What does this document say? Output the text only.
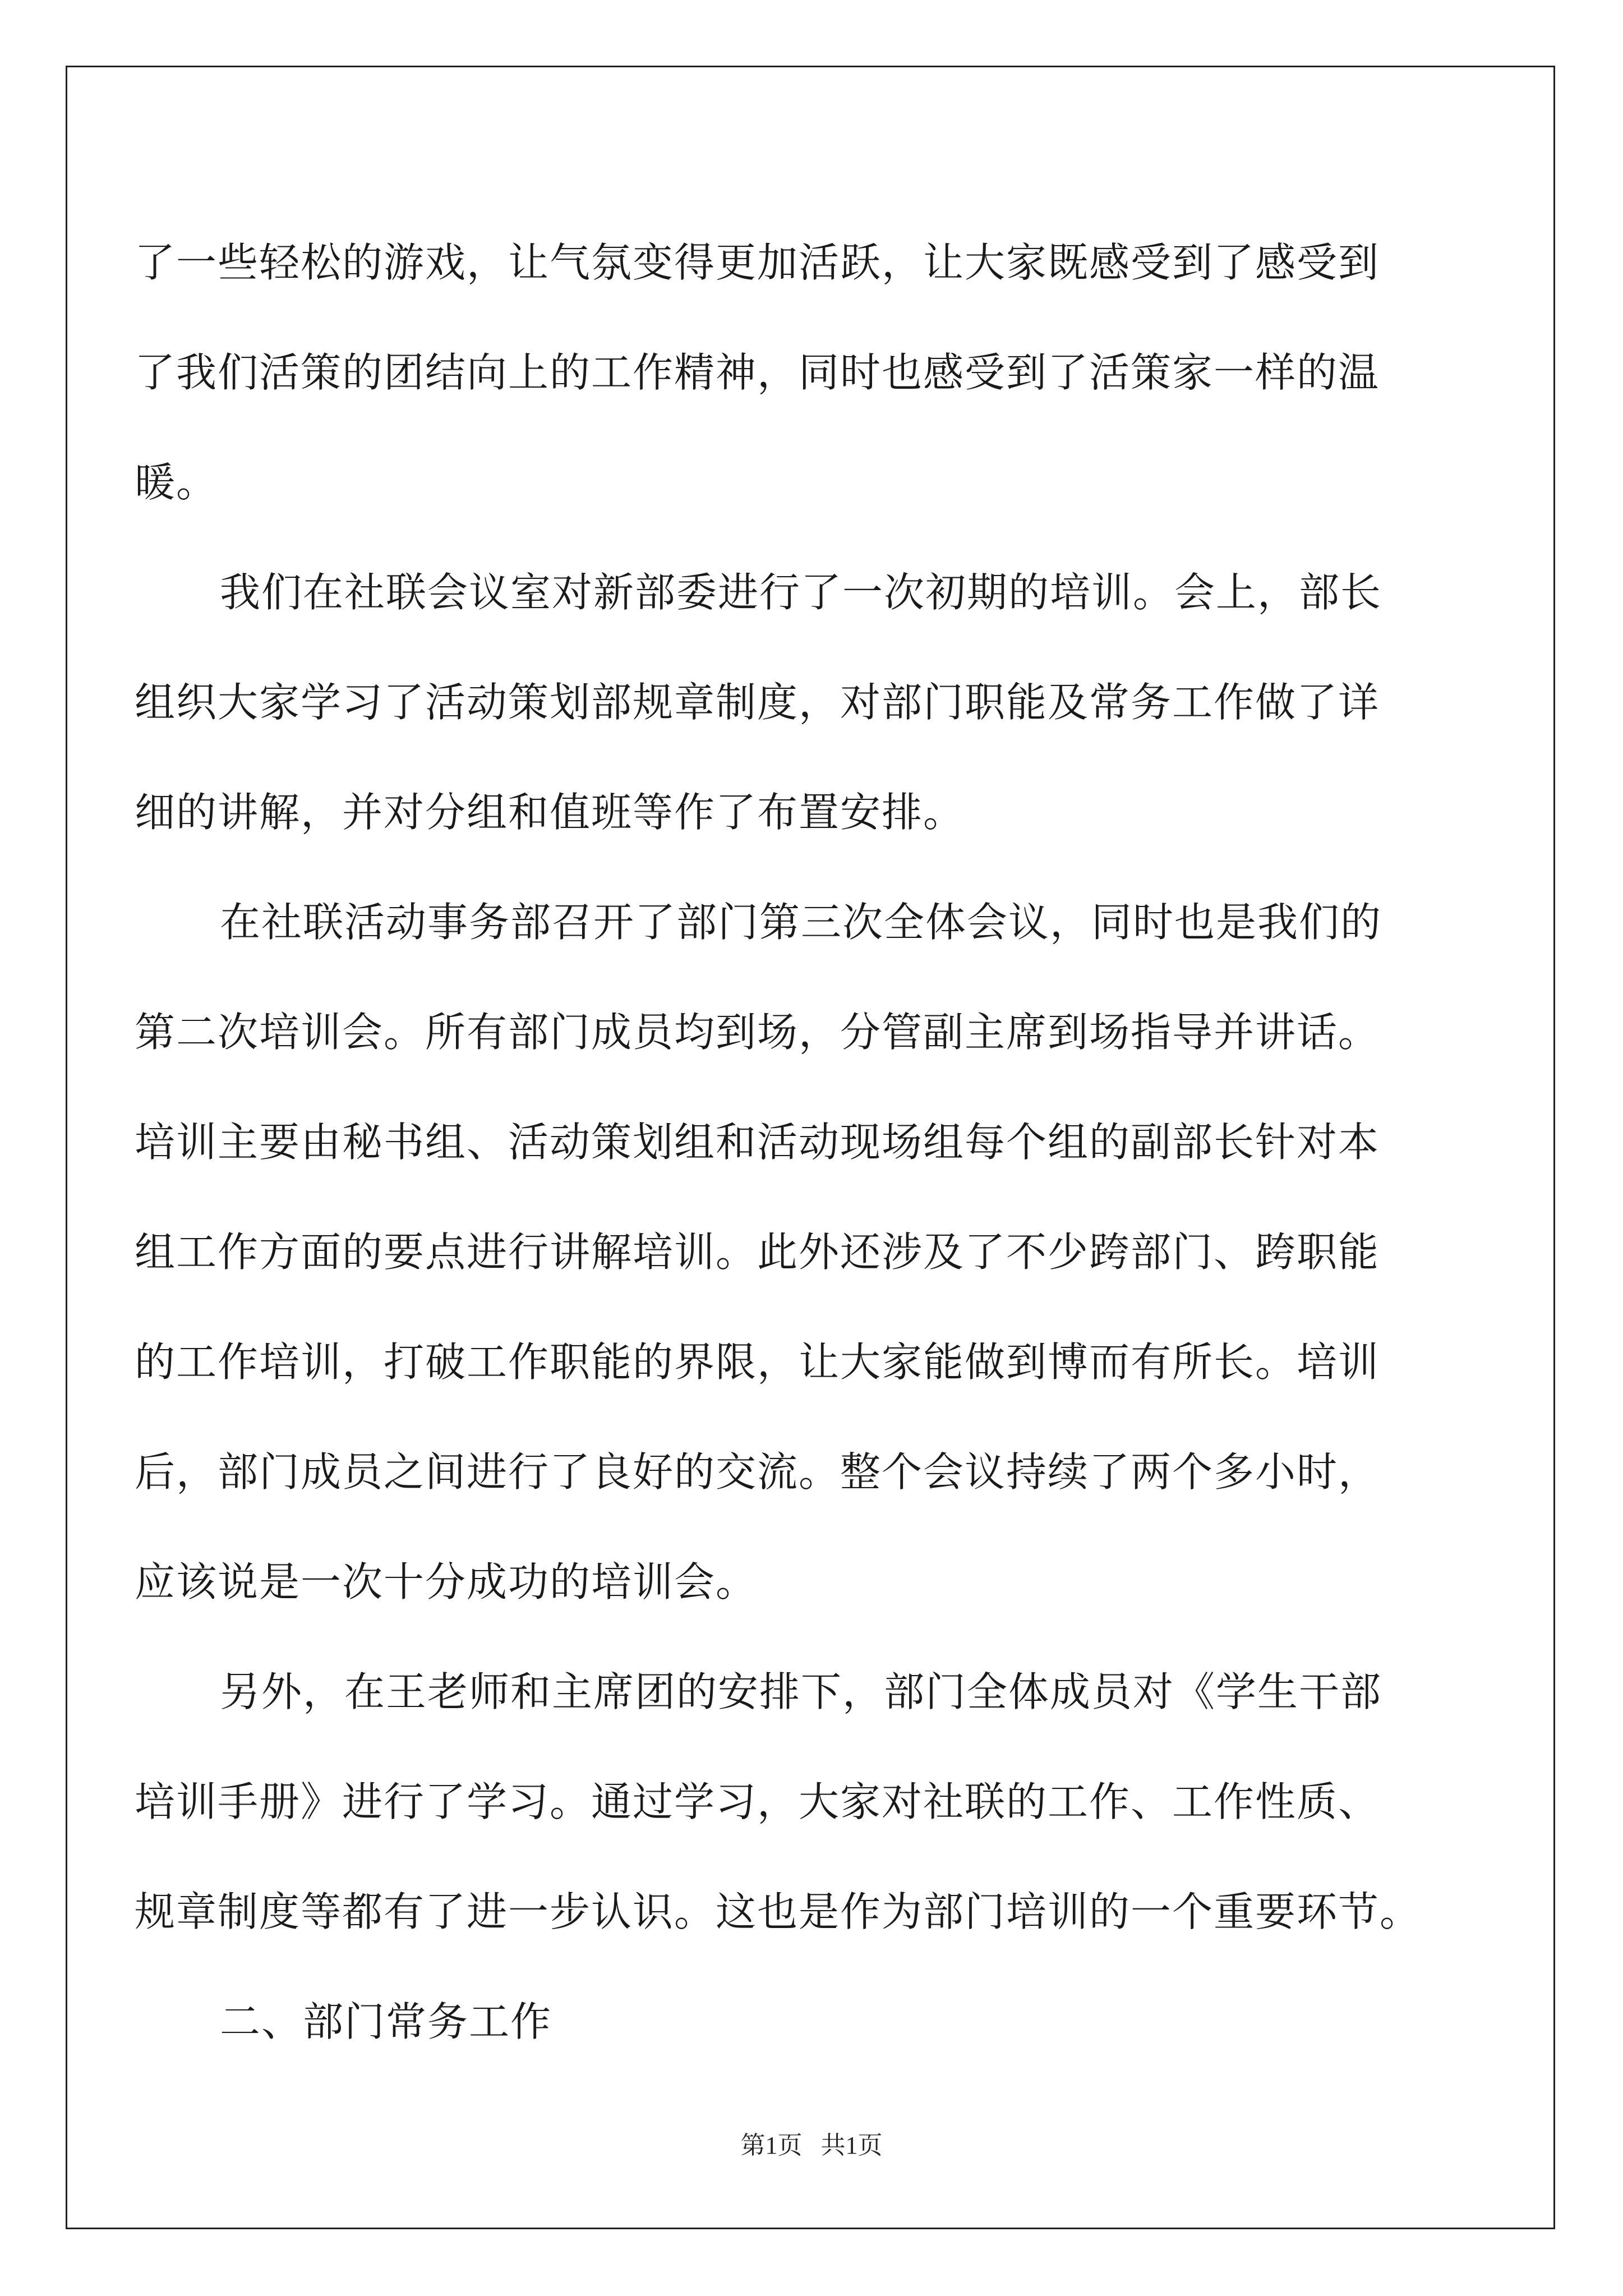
了一些轻松的游戏，让气氛变得更加活跃，让大家既感受到了感受到
了我们活策的团结向上的工作精神，同时也感受到了活策家一样的温
暖。
我们在社联会议室对新部委进行了一次初期的培训。会上，部长
组织大家学习了活动策划部规章制度，对部门职能及常务工作做了详
细的讲解，并对分组和值班等作了布置安排。
在社联活动事务部召开了部门第三次全体会议，同时也是我们的
第二次培训会。所有部门成员均到场，分管副主席到场指导并讲话。
培训主要由秘书组、活动策划组和活动现场组每个组的副部长针对本
组工作方面的要点进行讲解培训。此外还涉及了不少跨部门、跨职能
的工作培训，打破工作职能的界限，让大家能做到博而有所长。培训
后，部门成员之间进行了良好的交流。整个会议持续了两个多小时，
应该说是一次十分成功的培训会。
另外，在王老师和主席团的安排下，部门全体成员对《学生干部
培训手册》进行了学习。通过学习，大家对社联的工作、工作性质、
规章制度等都有了进一步认识。这也是作为部门培训的一个重要环节。
二、部门常务工作
第1页   共1页
